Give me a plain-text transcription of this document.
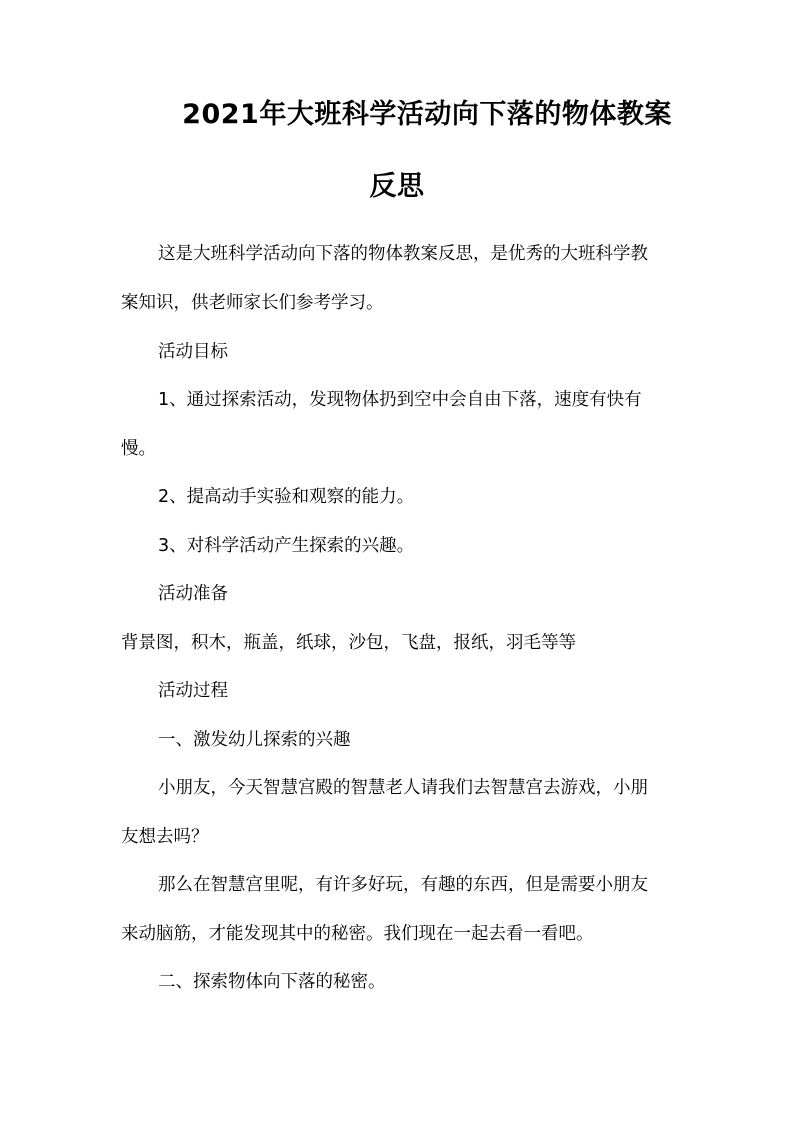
2021年大班科学活动向下落的物体教案
反思

这是大班科学活动向下落的物体教案反思，是优秀的大班科学教

案知识，供老师家长们参考学习。

活动目标

1、通过探索活动，发现物体扔到空中会自由下落，速度有快有

慢。

2、提高动手实验和观察的能力。

3、对科学活动产生探索的兴趣。

活动准备

背景图，积木，瓶盖，纸球，沙包，飞盘，报纸，羽毛等等

活动过程

一、激发幼儿探索的兴趣

小朋友，今天智慧宫殿的智慧老人请我们去智慧宫去游戏，小朋

友想去吗？

那么在智慧宫里呢，有许多好玩，有趣的东西，但是需要小朋友

来动脑筋，才能发现其中的秘密。我们现在一起去看一看吧。

二、探索物体向下落的秘密。
